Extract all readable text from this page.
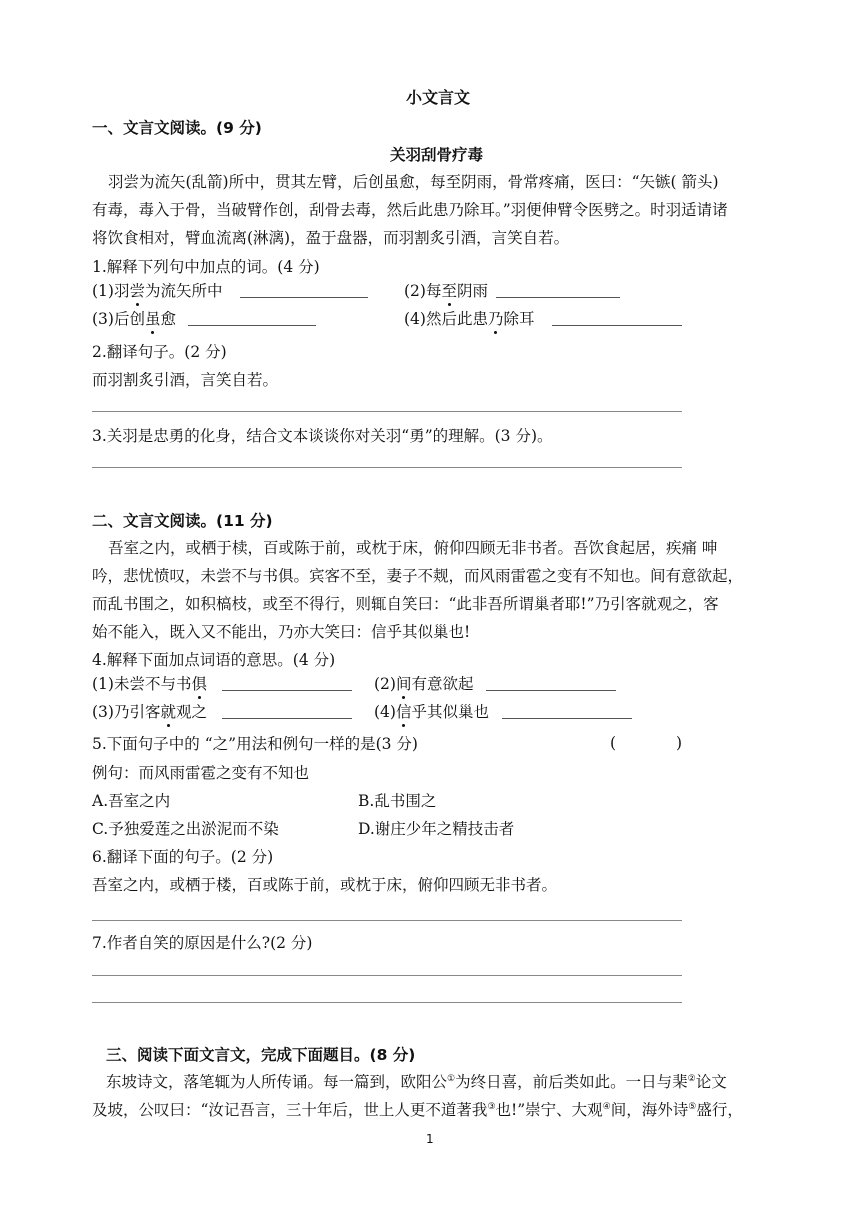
小文言文
一、文言文阅读。(9 分)
关羽刮骨疗毒
羽尝为流矢(乱箭)所中，贯其左臂，后创虽愈，每至阴雨，骨常疼痛，医曰：“矢镞( 箭头)
有毒，毒入于骨，当破臂作创，刮骨去毒，然后此患乃除耳。”羽便伸臂令医劈之。时羽适请诸
将饮食相对，臂血流离(淋漓)，盈于盘器，而羽割炙引酒，言笑自若。
1.解释下列句中加点的词。(4 分)
(1)羽尝为流矢所中	(2)每至阴雨
(3)后创虽愈	(4)然后此患乃除耳
2.翻译句子。(2 分)
而羽割炙引酒，言笑自若。
3.关羽是忠勇的化身，结合文本谈谈你对关羽“勇”的理解。(3 分)。
二、文言文阅读。(11 分)
吾室之内，或栖于椟，百或陈于前，或枕于床，俯仰四顾无非书者。吾饮食起居，疾痛 呻
吟，悲忧愤叹，未尝不与书俱。宾客不至，妻子不觌，而风雨雷雹之变有不知也。间有意欲起，
而乱书围之，如积槁枝，或至不得行，则辄自笑曰：“此非吾所谓巢者耶!”乃引客就观之，客
始不能入，既入又不能出，乃亦大笑曰：信乎其似巢也!
4.解释下面加点词语的意思。(4 分)
(1)未尝不与书俱	(2)间有意欲起
(3)乃引客就观之	(4)信乎其似巢也
5.下面句子中的 “之”用法和例句一样的是(3 分)	(	)
例句：而风雨雷雹之变有不知也
A.吾室之内	B.乱书围之
C.予独爱莲之出淤泥而不染	D.谢庄少年之精技击者
6.翻译下面的句子。(2 分)
吾室之内，或栖于楼，百或陈于前，或枕于床，俯仰四顾无非书者。
7.作者自笑的原因是什么?(2 分)
三、阅读下面文言文，完成下面题目。(8 分)
东坡诗文，落笔辄为人所传诵。每一篇到，欧阳公①为终日喜，前后类如此。一日与棐②论文
及坡，公叹曰：“汝记吾言，三十年后，世上人更不道著我③也!”崇宁、大观④间，海外诗⑤盛行，
1
